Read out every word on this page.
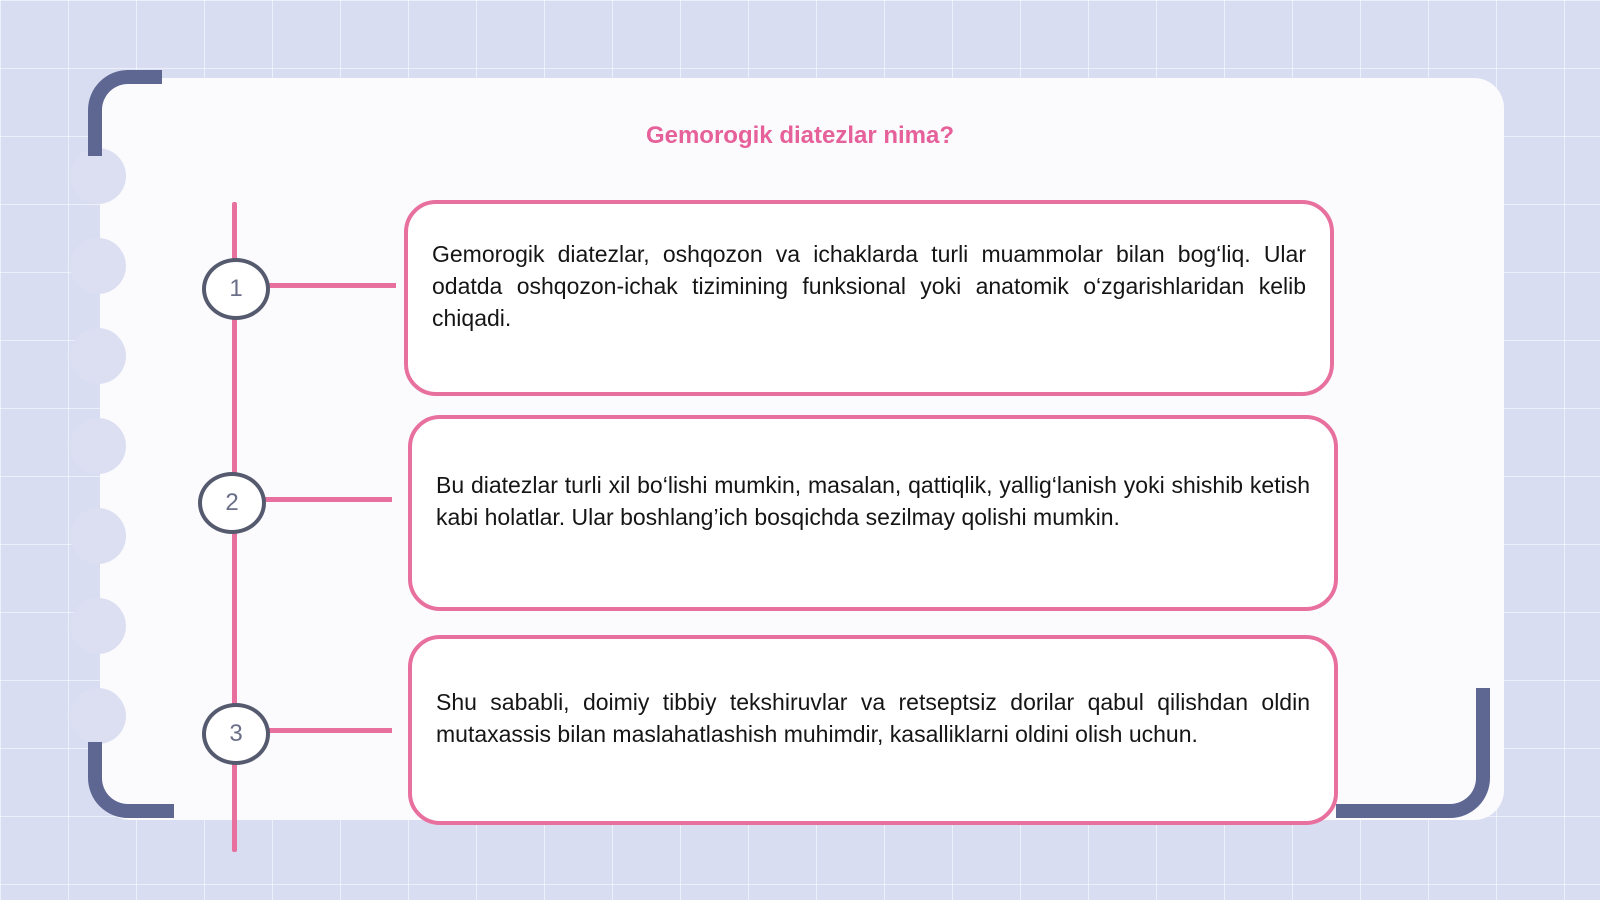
Gemorogik diatezlar nima?
1

Gemorogik diatezlar, oshqozon va ichaklarda turli muammolar bilan bog‘liq. Ular odatda oshqozon-ichak tizimining funksional yoki anatomik o‘zgarishlaridan kelib chiqadi.

2

Bu diatezlar turli xil bo‘lishi mumkin, masalan, qattiqlik, yallig‘lanish yoki shishib ketish kabi holatlar. Ular boshlang’ich bosqichda sezilmay qolishi mumkin.

3

Shu sababli, doimiy tibbiy tekshiruvlar va retseptsiz dorilar qabul qilishdan oldin mutaxassis bilan maslahatlashish muhimdir, kasalliklarni oldini olish uchun.
